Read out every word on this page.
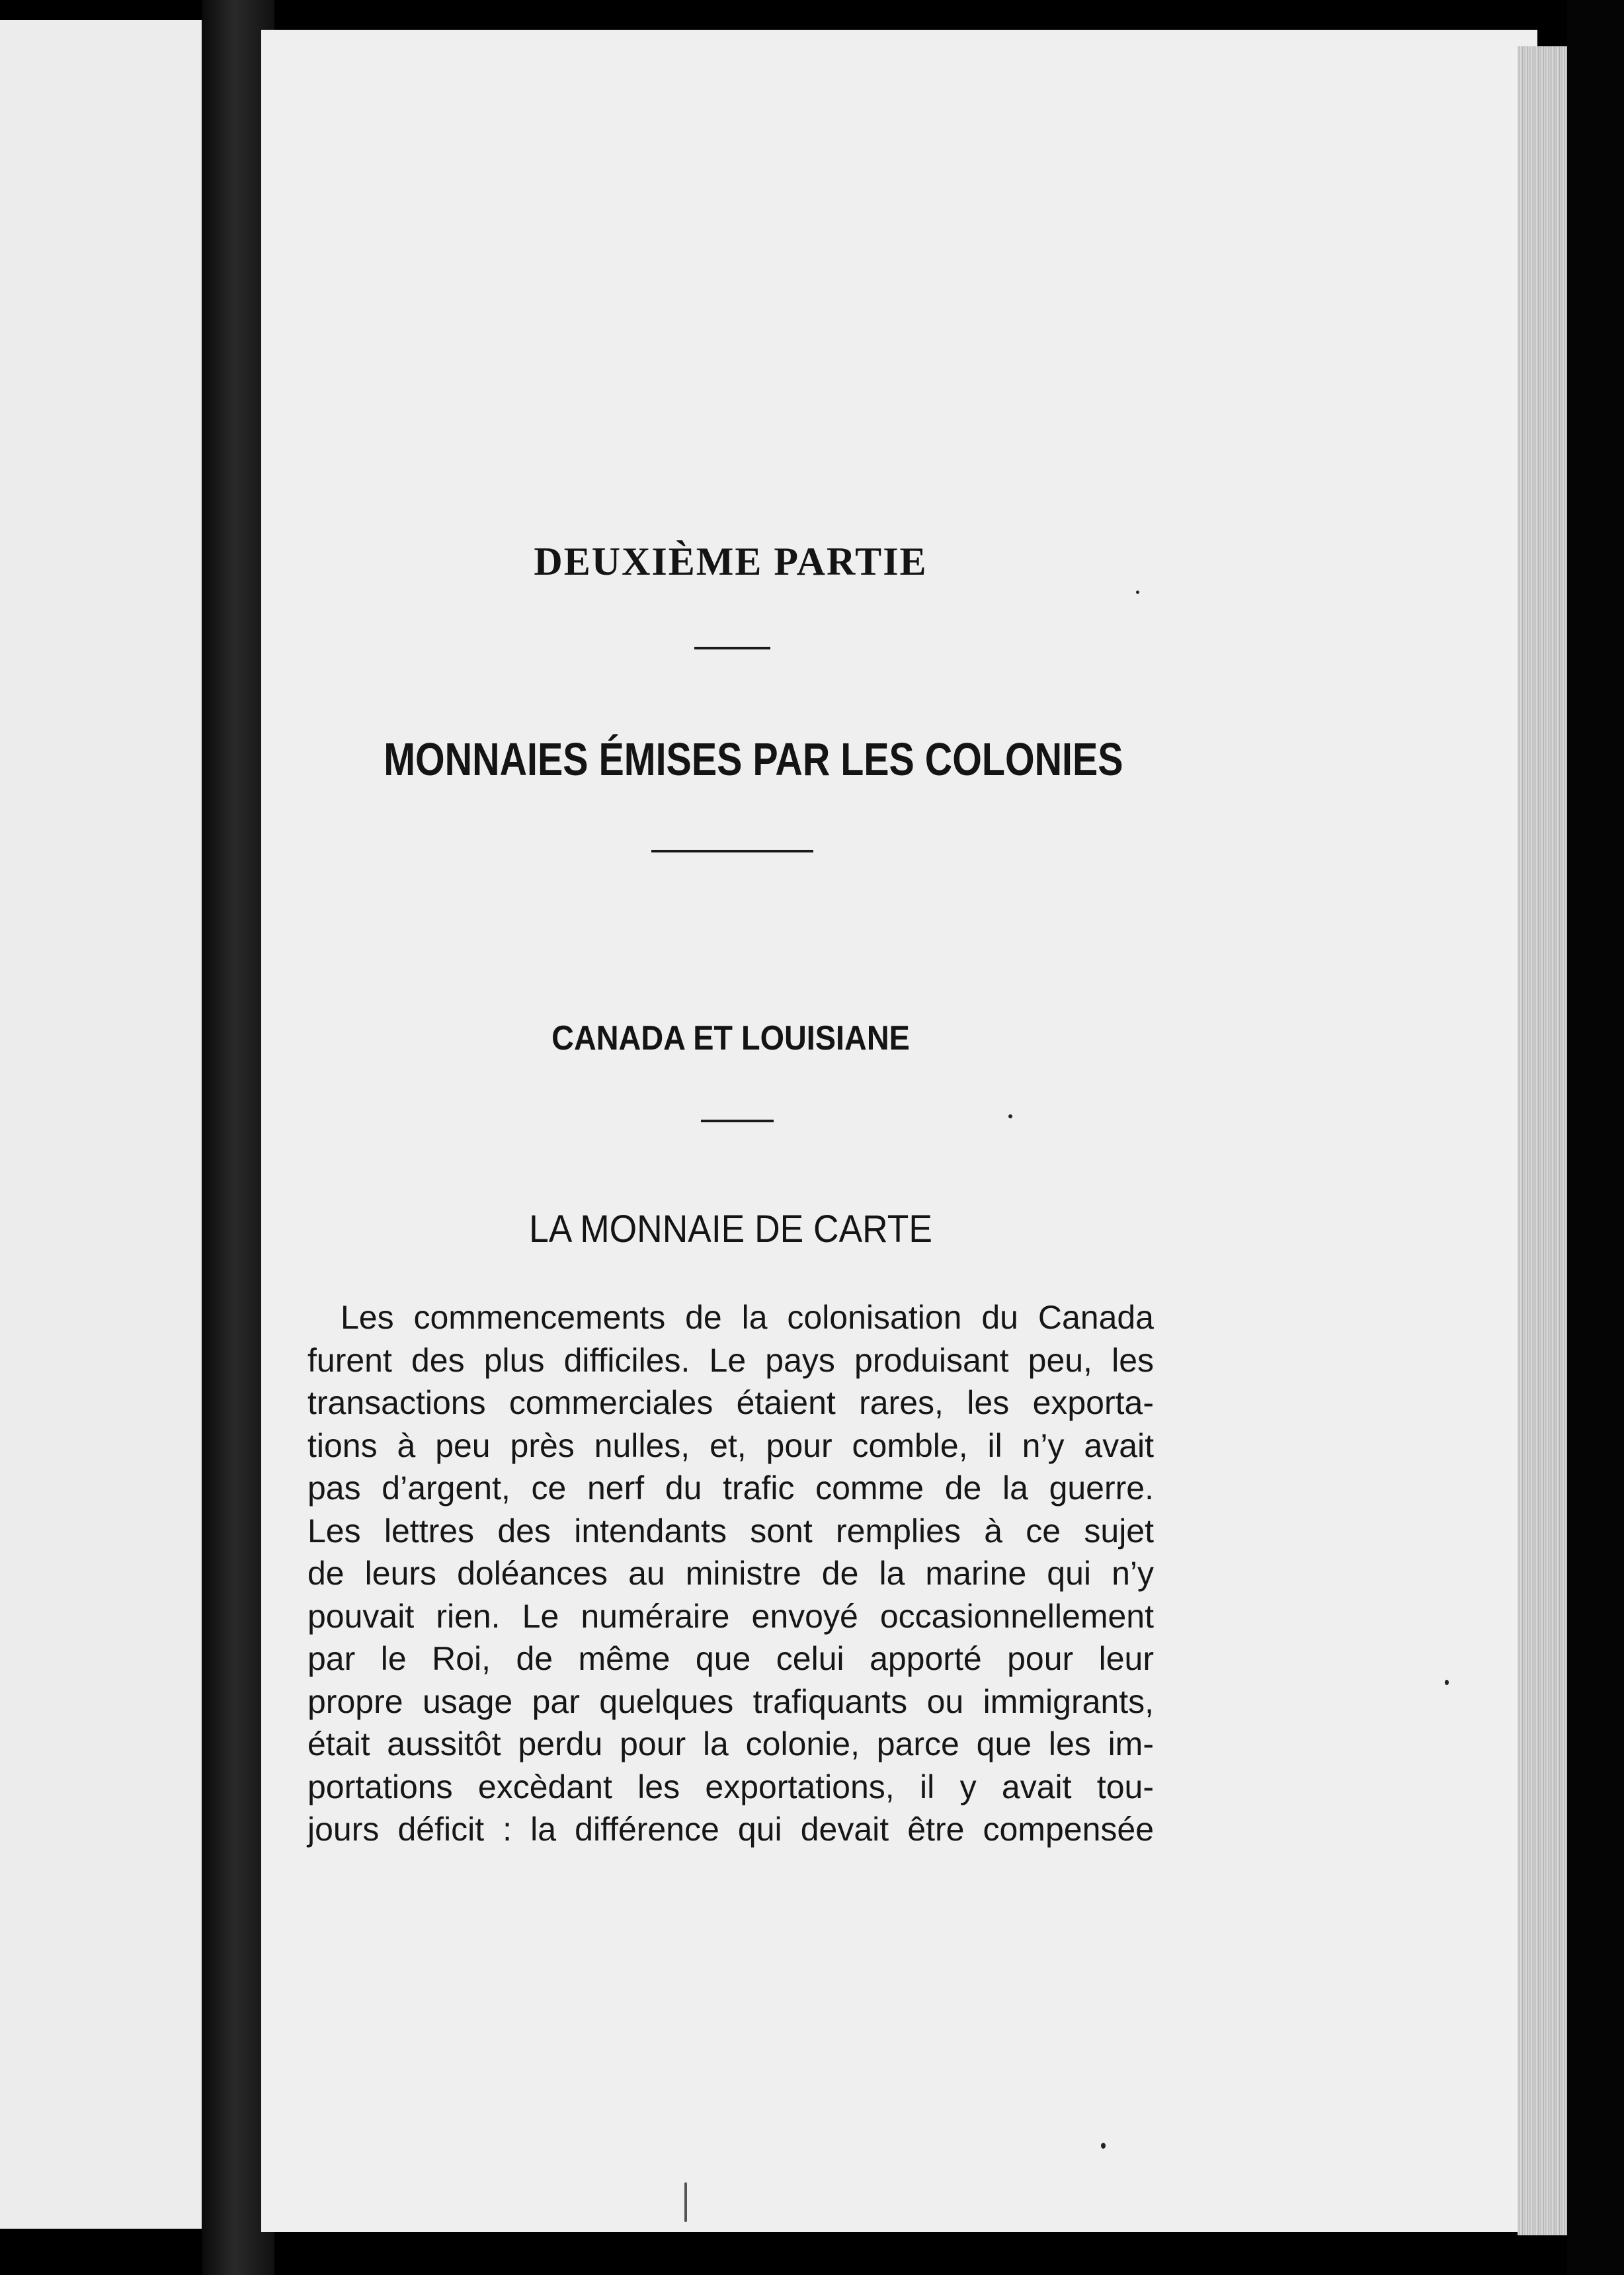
DEUXIÈME PARTIE
MONNAIES ÉMISES PAR LES COLONIES
CANADA ET LOUISIANE
LA MONNAIE DE CARTE
Les commencements de la colonisation du Canada
furent des plus difficiles. Le pays produisant peu, les
transactions commerciales étaient rares, les exporta-
tions à peu près nulles, et, pour comble, il n’y avait
pas d’argent, ce nerf du trafic comme de la guerre.
Les lettres des intendants sont remplies à ce sujet
de leurs doléances au ministre de la marine qui n’y
pouvait rien. Le numéraire envoyé occasionnellement
par le Roi, de même que celui apporté pour leur
propre usage par quelques trafiquants ou immigrants,
était aussitôt perdu pour la colonie, parce que les im-
portations excèdant les exportations, il y avait tou-
jours déficit : la différence qui devait être compensée
